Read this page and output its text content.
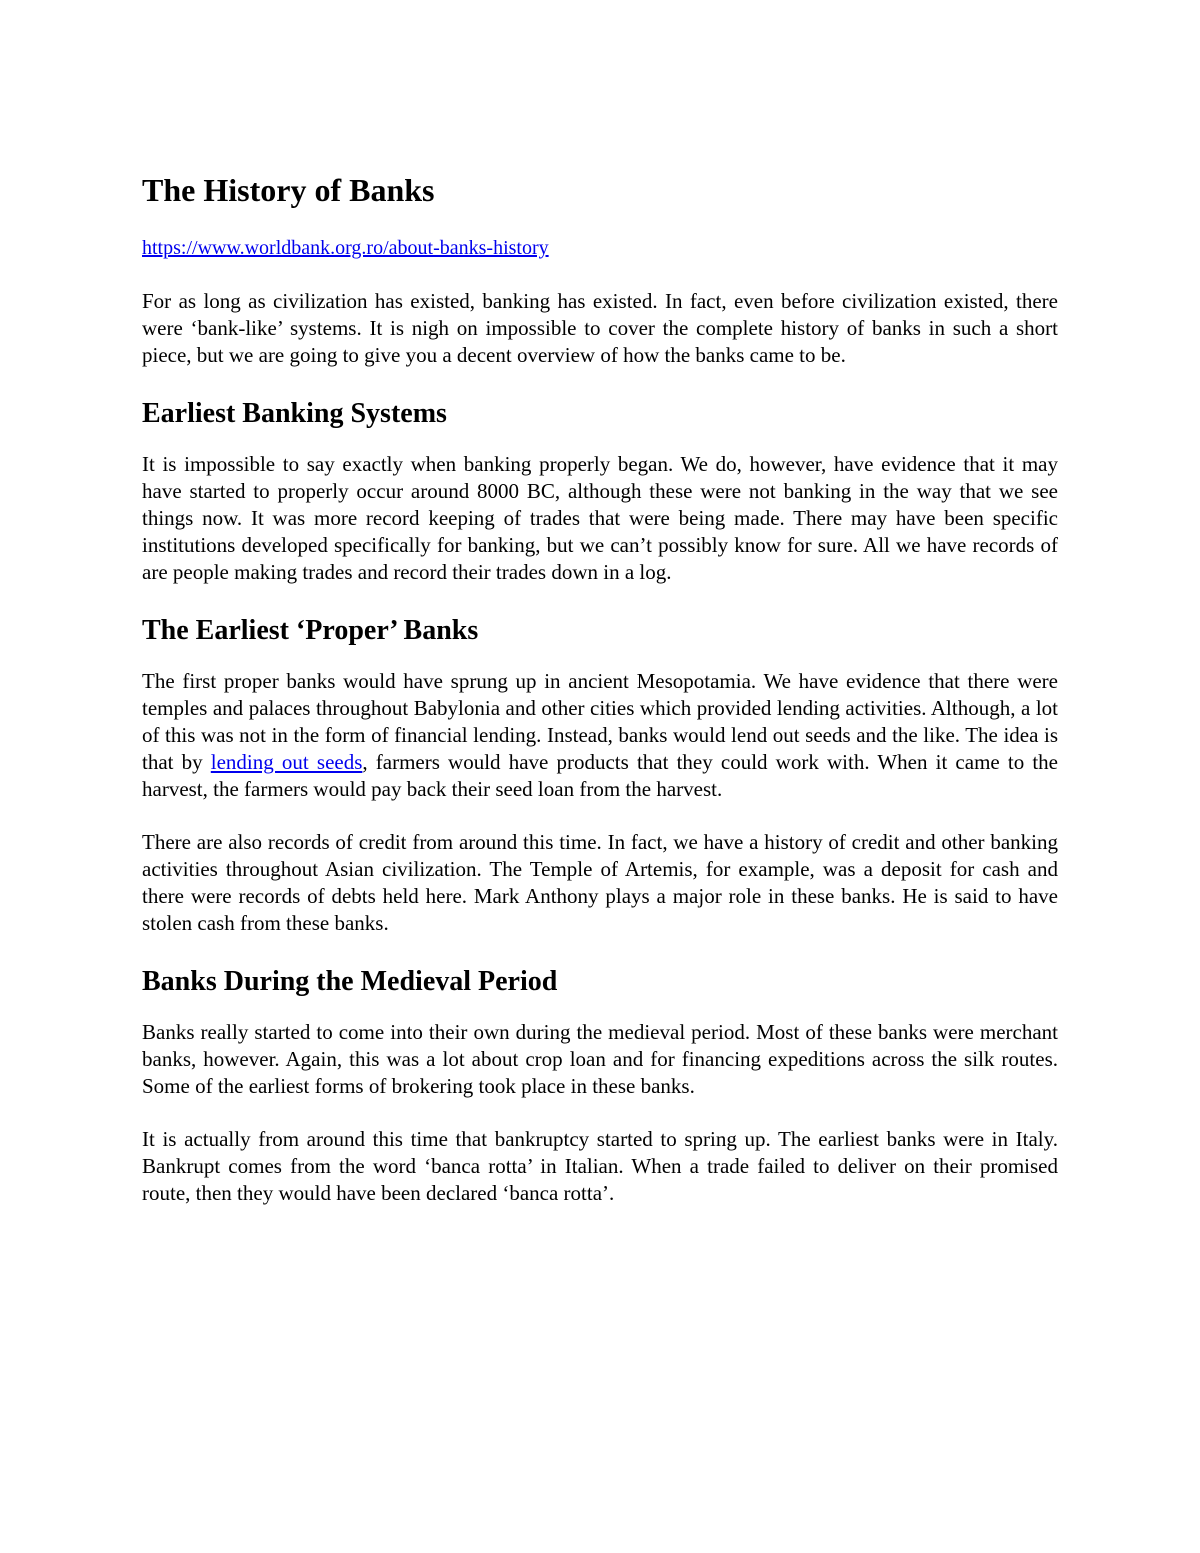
The History of Banks
https://www.worldbank.org.ro/about-banks-history

For as long as civilization has existed, banking has existed. In fact, even before civilization existed, there were ‘bank-like’ systems. It is nigh on impossible to cover the complete history of banks in such a short piece, but we are going to give you a decent overview of how the banks came to be.

Earliest Banking Systems

It is impossible to say exactly when banking properly began. We do, however, have evidence that it may have started to properly occur around 8000 BC, although these were not banking in the way that we see things now. It was more record keeping of trades that were being made. There may have been specific institutions developed specifically for banking, but we can’t possibly know for sure. All we have records of are people making trades and record their trades down in a log.

The Earliest ‘Proper’ Banks

The first proper banks would have sprung up in ancient Mesopotamia. We have evidence that there were temples and palaces throughout Babylonia and other cities which provided lending activities. Although, a lot of this was not in the form of financial lending. Instead, banks would lend out seeds and the like. The idea is that by lending out seeds, farmers would have products that they could work with. When it came to the harvest, the farmers would pay back their seed loan from the harvest.

There are also records of credit from around this time. In fact, we have a history of credit and other banking activities throughout Asian civilization. The Temple of Artemis, for example, was a deposit for cash and there were records of debts held here. Mark Anthony plays a major role in these banks. He is said to have stolen cash from these banks.

Banks During the Medieval Period

Banks really started to come into their own during the medieval period. Most of these banks were merchant banks, however. Again, this was a lot about crop loan and for financing expeditions across the silk routes. Some of the earliest forms of brokering took place in these banks.

It is actually from around this time that bankruptcy started to spring up. The earliest banks were in Italy. Bankrupt comes from the word ‘banca rotta’ in Italian. When a trade failed to deliver on their promised route, then they would have been declared ‘banca rotta’.
